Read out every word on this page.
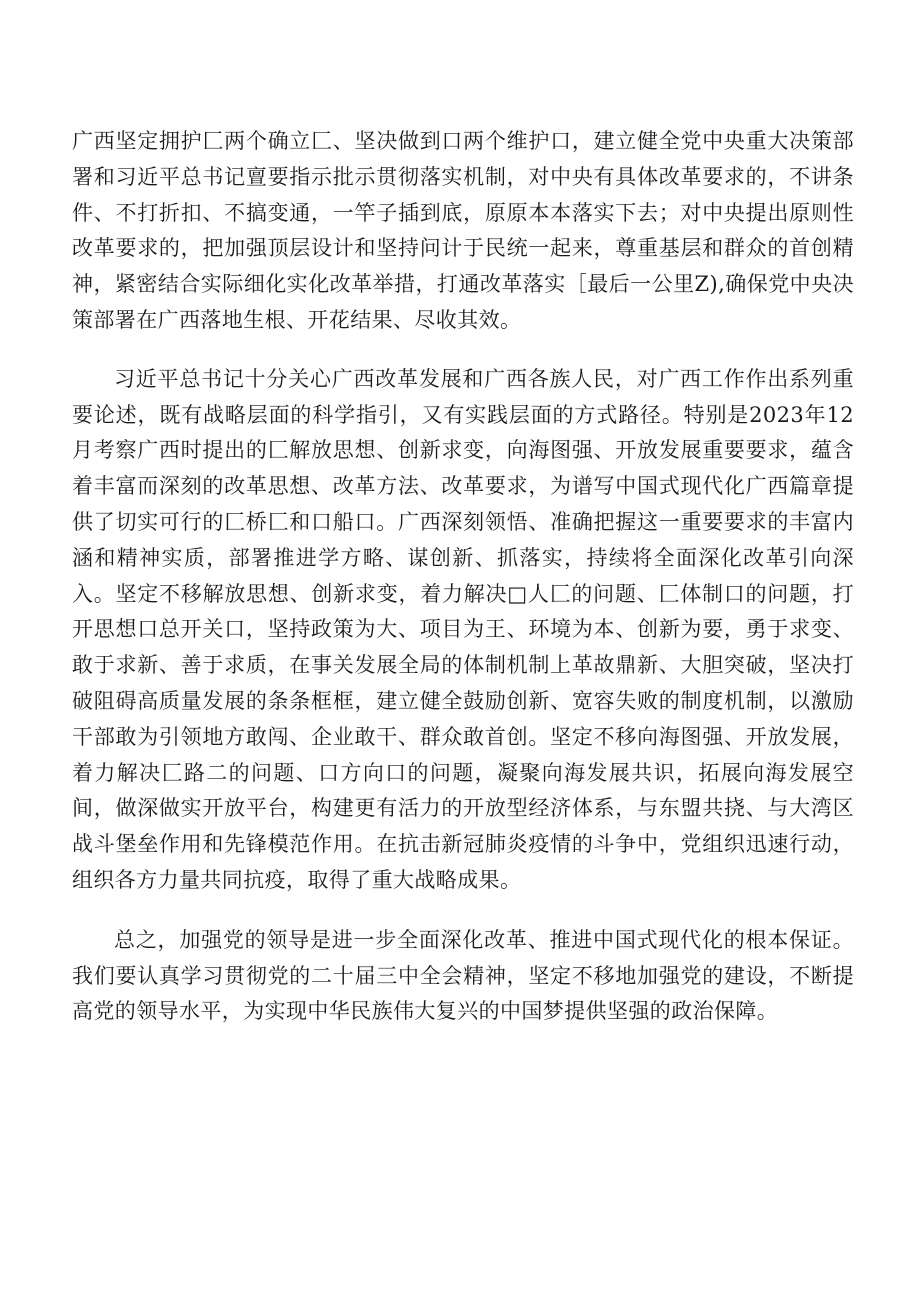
广西坚定拥护匚两个确立匚、坚决做到口两个维护口，建立健全党中央重大决策部署和习近平总书记亶要指示批示贯彻落实机制，对中央有具体改革要求的，不讲条件、不打折扣、不搞变通，一竿子插到底，原原本本落实下去；对中央提出原则性改革要求的，把加强顶层设计和坚持问计于民统一起来，尊重基层和群众的首创精神，紧密结合实际细化实化改革举措，打通改革落实［最后一公里Z),确保党中央决策部署在广西落地生根、开花结果、尽收其效。

习近平总书记十分关心广西改革发展和广西各族人民，对广西工作作出系列重要论述，既有战略层面的科学指引，又有实践层面的方式路径。特别是2023年12月考察广西时提出的匚解放思想、创新求变，向海图强、开放发展重要要求，蕴含着丰富而深刻的改革思想、改革方法、改革要求，为谱写中国式现代化广西篇章提供了切实可行的匚桥匚和口船口。广西深刻领悟、准确把握这一重要要求的丰富内涵和精神实质，部署推进学方略、谋创新、抓落实，持续将全面深化改革引向深入。坚定不移解放思想、创新求变，着力解决□人匚的问题、匚体制口的问题，打开思想口总开关口，坚持政策为大、项目为王、环境为本、创新为要，勇于求变、敢于求新、善于求质，在事关发展全局的体制机制上革故鼎新、大胆突破，坚决打破阻碍高质量发展的条条框框，建立健全鼓励创新、宽容失败的制度机制，以激励干部敢为引领地方敢闯、企业敢干、群众敢首创。坚定不移向海图强、开放发展，着力解决匚路二的问题、口方向口的问题，凝聚向海发展共识，拓展向海发展空间，做深做实开放平台，构建更有活力的开放型经济体系，与东盟共挠、与大湾区战斗堡垒作用和先锋模范作用。在抗击新冠肺炎疫情的斗争中，党组织迅速行动，组织各方力量共同抗疫，取得了重大战略成果。

总之，加强党的领导是进一步全面深化改革、推进中国式现代化的根本保证。我们要认真学习贯彻党的二十届三中全会精神，坚定不移地加强党的建设，不断提高党的领导水平，为实现中华民族伟大复兴的中国梦提供坚强的政治保障。
